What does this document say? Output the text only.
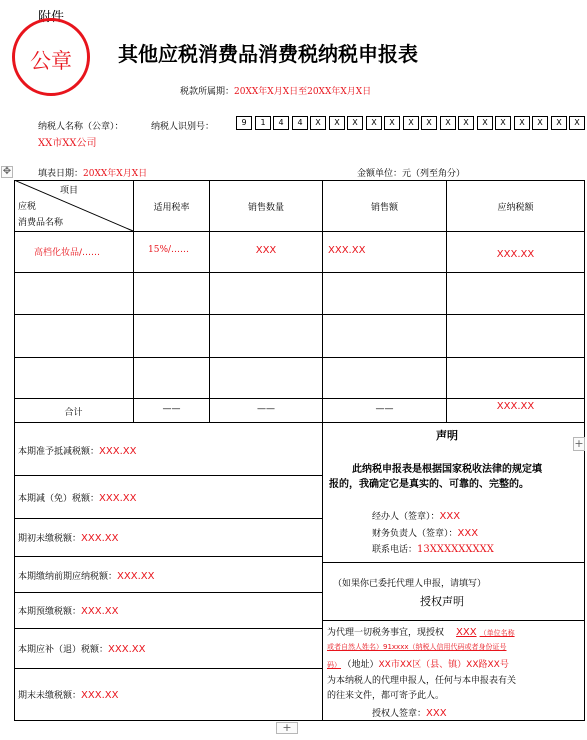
附件
公章	其他应税消费品消费税纳税申报表
税款所属期：20XX年X月X日至20XX年X月X日
纳税人名称（公章）：	纳税人识别号：	9	1	4	4	X	X	X	X	X	X	X	X	X	X	X	X	X	X	X
XX市XX公司
✥	填表日期：20XX年X月X日	金额单位：元（列至角分）
项目
应税
消费品名称
适用税率	销售数量	销售额	应纳税额
高档化妆品/……	15%/……	XXX	XXX.XX	XXX.XX
合计	——	——	——	XXX.XX
本期准予抵减税额：XXX.XX
本期减（免）税额：XXX.XX
期初未缴税额：XXX.XX
本期缴纳前期应纳税额：XXX.XX
本期预缴税额：XXX.XX
本期应补（退）税额：XXX.XX
期末未缴税额：XXX.XX
声明
此纳税申报表是根据国家税收法律的规定填
报的，我确定它是真实的、可靠的、完整的。
经办人（签章）：XXX
财务负责人（签章）：XXX
联系电话：13XXXXXXXXX
（如果你已委托代理人申报，请填写）
授权声明
为代理一切税务事宜，现授权 XXX （单位名称
或者自然人姓名）91xxxx（纳税人信用代码或者身份证号
码） （地址）XX市XX区（县、镇）XX路XX号
为本纳税人的代理申报人，任何与本申报表有关
的往来文件，都可寄予此人。
授权人签章：XXX
+
+
